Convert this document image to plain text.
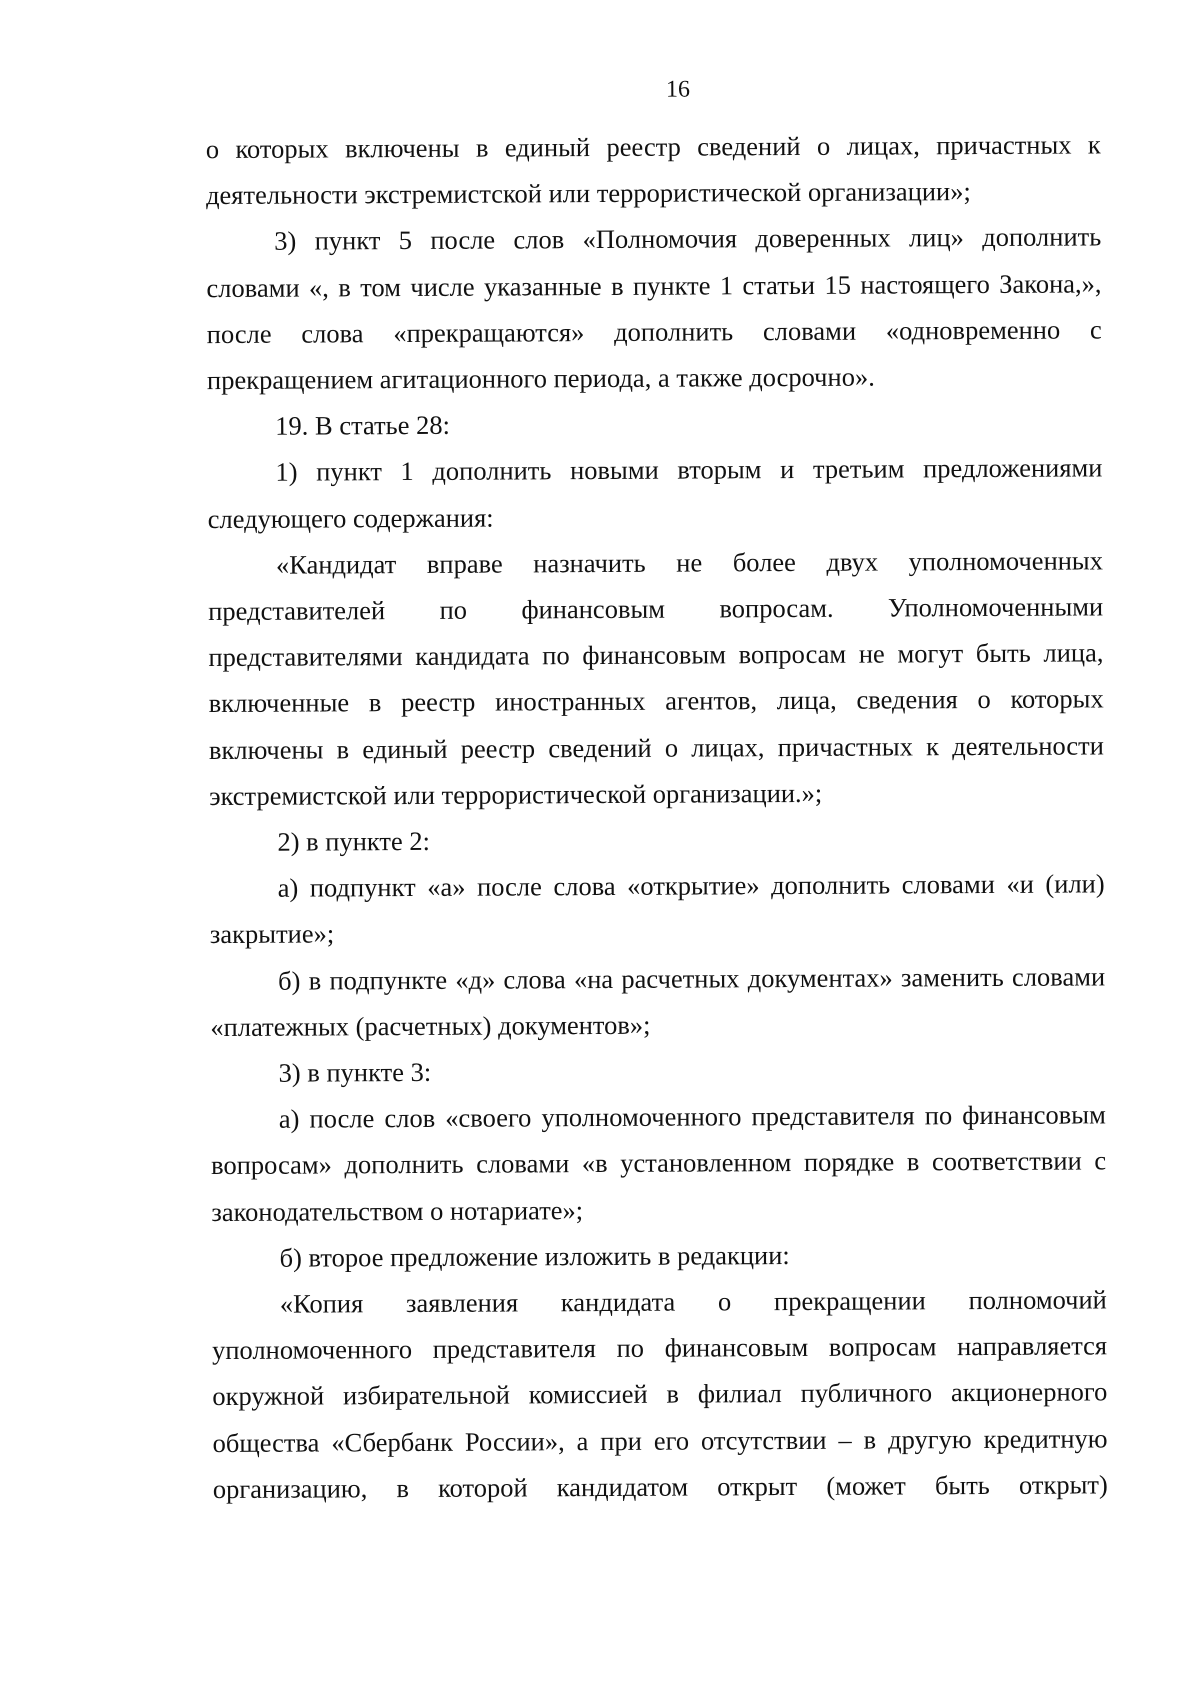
16

о которых включены в единый реестр сведений о лицах, причастных к деятельности экстремистской или террористической организации»;

3) пункт 5 после слов «Полномочия доверенных лиц» дополнить словами «, в том числе указанные в пункте 1 статьи 15 настоящего Закона,», после слова «прекращаются» дополнить словами «одновременно с прекращением агитационного периода, а также досрочно».

19. В статье 28:

1) пункт 1 дополнить новыми вторым и третьим предложениями следующего содержания:

«Кандидат вправе назначить не более двух уполномоченных представителей по финансовым вопросам. Уполномоченными представителями кандидата по финансовым вопросам не могут быть лица, включенные в реестр иностранных агентов, лица, сведения о которых включены в единый реестр сведений о лицах, причастных к деятельности экстремистской или террористической организации.»;

2) в пункте 2:

а) подпункт «а» после слова «открытие» дополнить словами «и (или) закрытие»;

б) в подпункте «д» слова «на расчетных документах» заменить словами «платежных (расчетных) документов»;

3) в пункте 3:

а) после слов «своего уполномоченного представителя по финансовым вопросам» дополнить словами «в установленном порядке в соответствии с законодательством о нотариате»;

б) второе предложение изложить в редакции:

«Копия заявления кандидата о прекращении полномочий уполномоченного представителя по финансовым вопросам направляется окружной избирательной комиссией в филиал публичного акционерного общества «Сбербанк России», а при его отсутствии – в другую кредитную организацию, в которой кандидатом открыт (может быть открыт)
